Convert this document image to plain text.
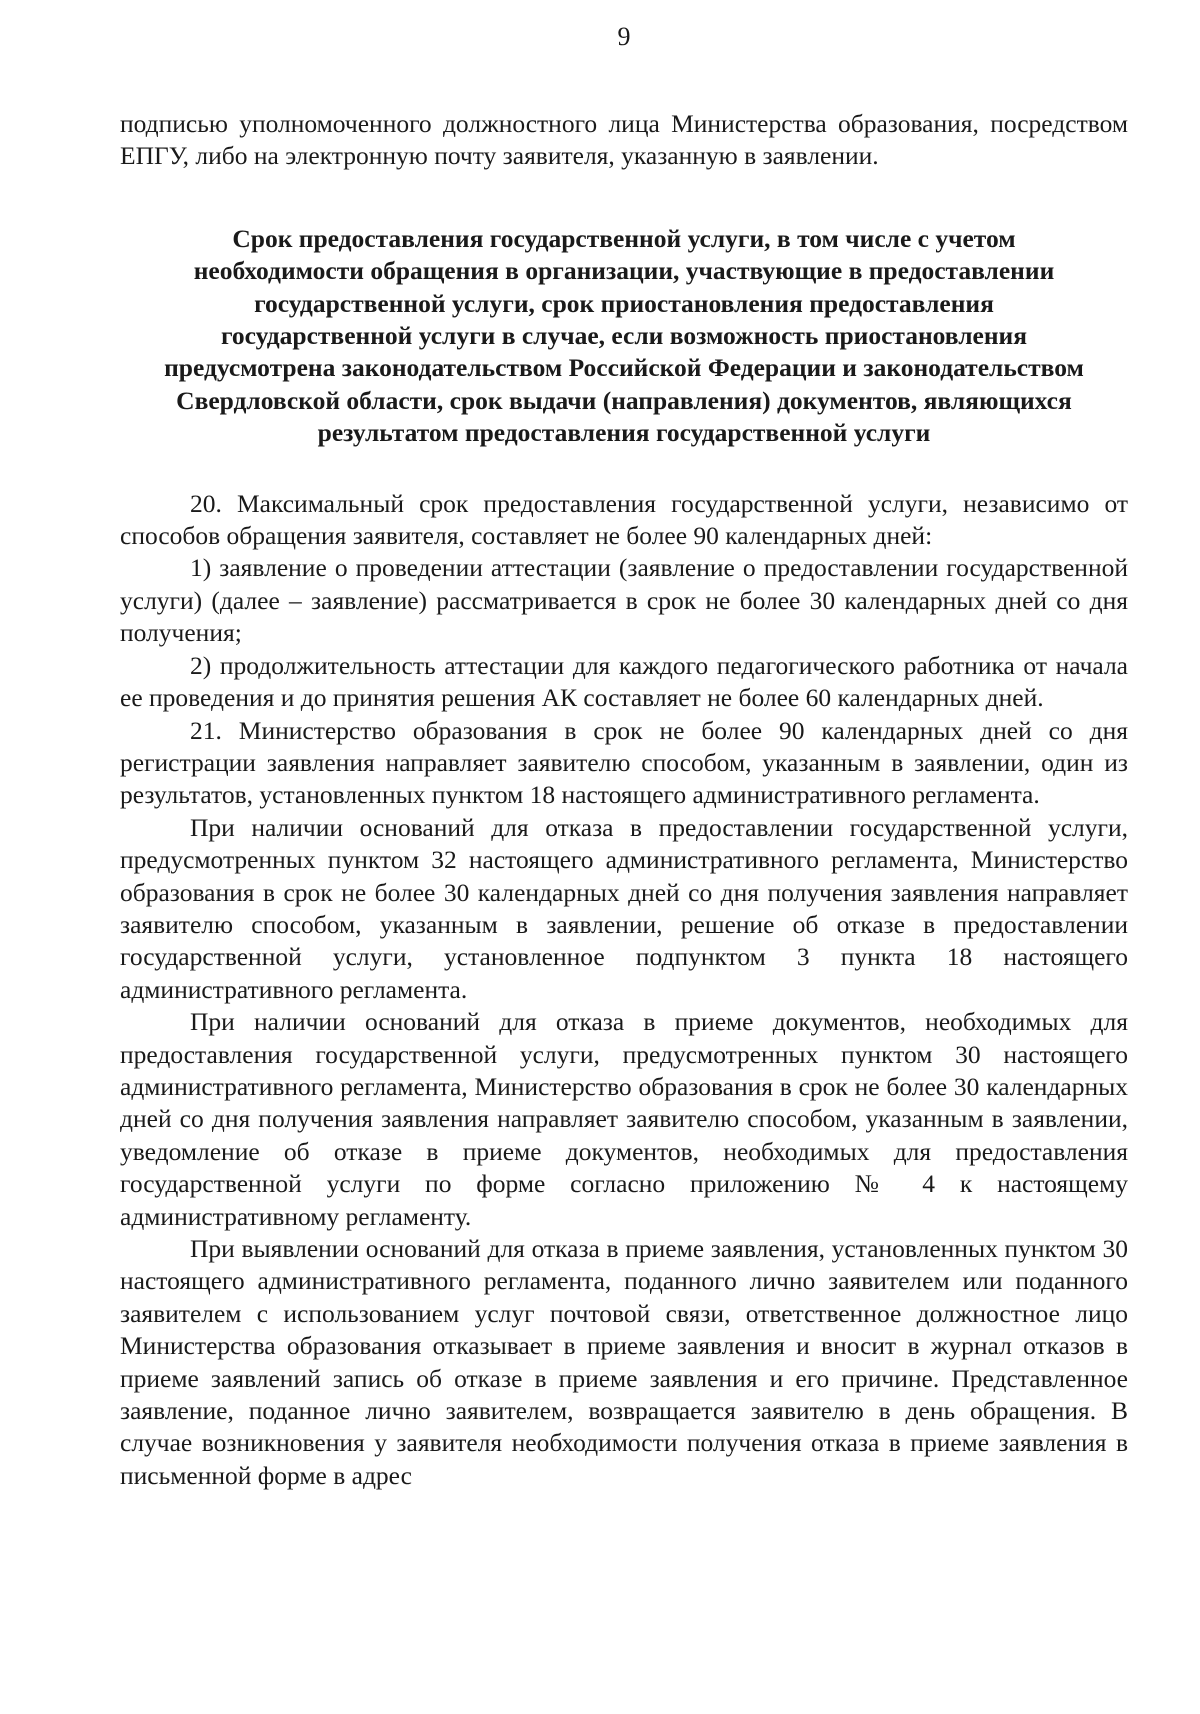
9

подписью уполномоченного должностного лица Министерства образования, посредством ЕПГУ, либо на электронную почту заявителя, указанную в заявлении.

Срок предоставления государственной услуги, в том числе с учетом необходимости обращения в организации, участвующие в предоставлении государственной услуги, срок приостановления предоставления государственной услуги в случае, если возможность приостановления предусмотрена законодательством Российской Федерации и законодательством Свердловской области, срок выдачи (направления) документов, являющихся результатом предоставления государственной услуги

20. Максимальный срок предоставления государственной услуги, независимо от способов обращения заявителя, составляет не более 90 календарных дней:

1) заявление о проведении аттестации (заявление о предоставлении государственной услуги) (далее – заявление) рассматривается в срок не более 30 календарных дней со дня получения;

2) продолжительность аттестации для каждого педагогического работника от начала ее проведения и до принятия решения АК составляет не более 60 календарных дней.

21. Министерство образования в срок не более 90 календарных дней со дня регистрации заявления направляет заявителю способом, указанным в заявлении, один из результатов, установленных пунктом 18 настоящего административного регламента.

При наличии оснований для отказа в предоставлении государственной услуги, предусмотренных пунктом 32 настоящего административного регламента, Министерство образования в срок не более 30 календарных дней со дня получения заявления направляет заявителю способом, указанным в заявлении, решение об отказе в предоставлении государственной услуги, установленное подпунктом 3 пункта 18 настоящего административного регламента.

При наличии оснований для отказа в приеме документов, необходимых для предоставления государственной услуги, предусмотренных пунктом 30 настоящего административного регламента, Министерство образования в срок не более 30 календарных дней со дня получения заявления направляет заявителю способом, указанным в заявлении, уведомление об отказе в приеме документов, необходимых для предоставления государственной услуги по форме согласно приложению № 4 к настоящему административному регламенту.

При выявлении оснований для отказа в приеме заявления, установленных пунктом 30 настоящего административного регламента, поданного лично заявителем или поданного заявителем с использованием услуг почтовой связи, ответственное должностное лицо Министерства образования отказывает в приеме заявления и вносит в журнал отказов в приеме заявлений запись об отказе в приеме заявления и его причине. Представленное заявление, поданное лично заявителем, возвращается заявителю в день обращения. В случае возникновения у заявителя необходимости получения отказа в приеме заявления в письменной форме в адрес
